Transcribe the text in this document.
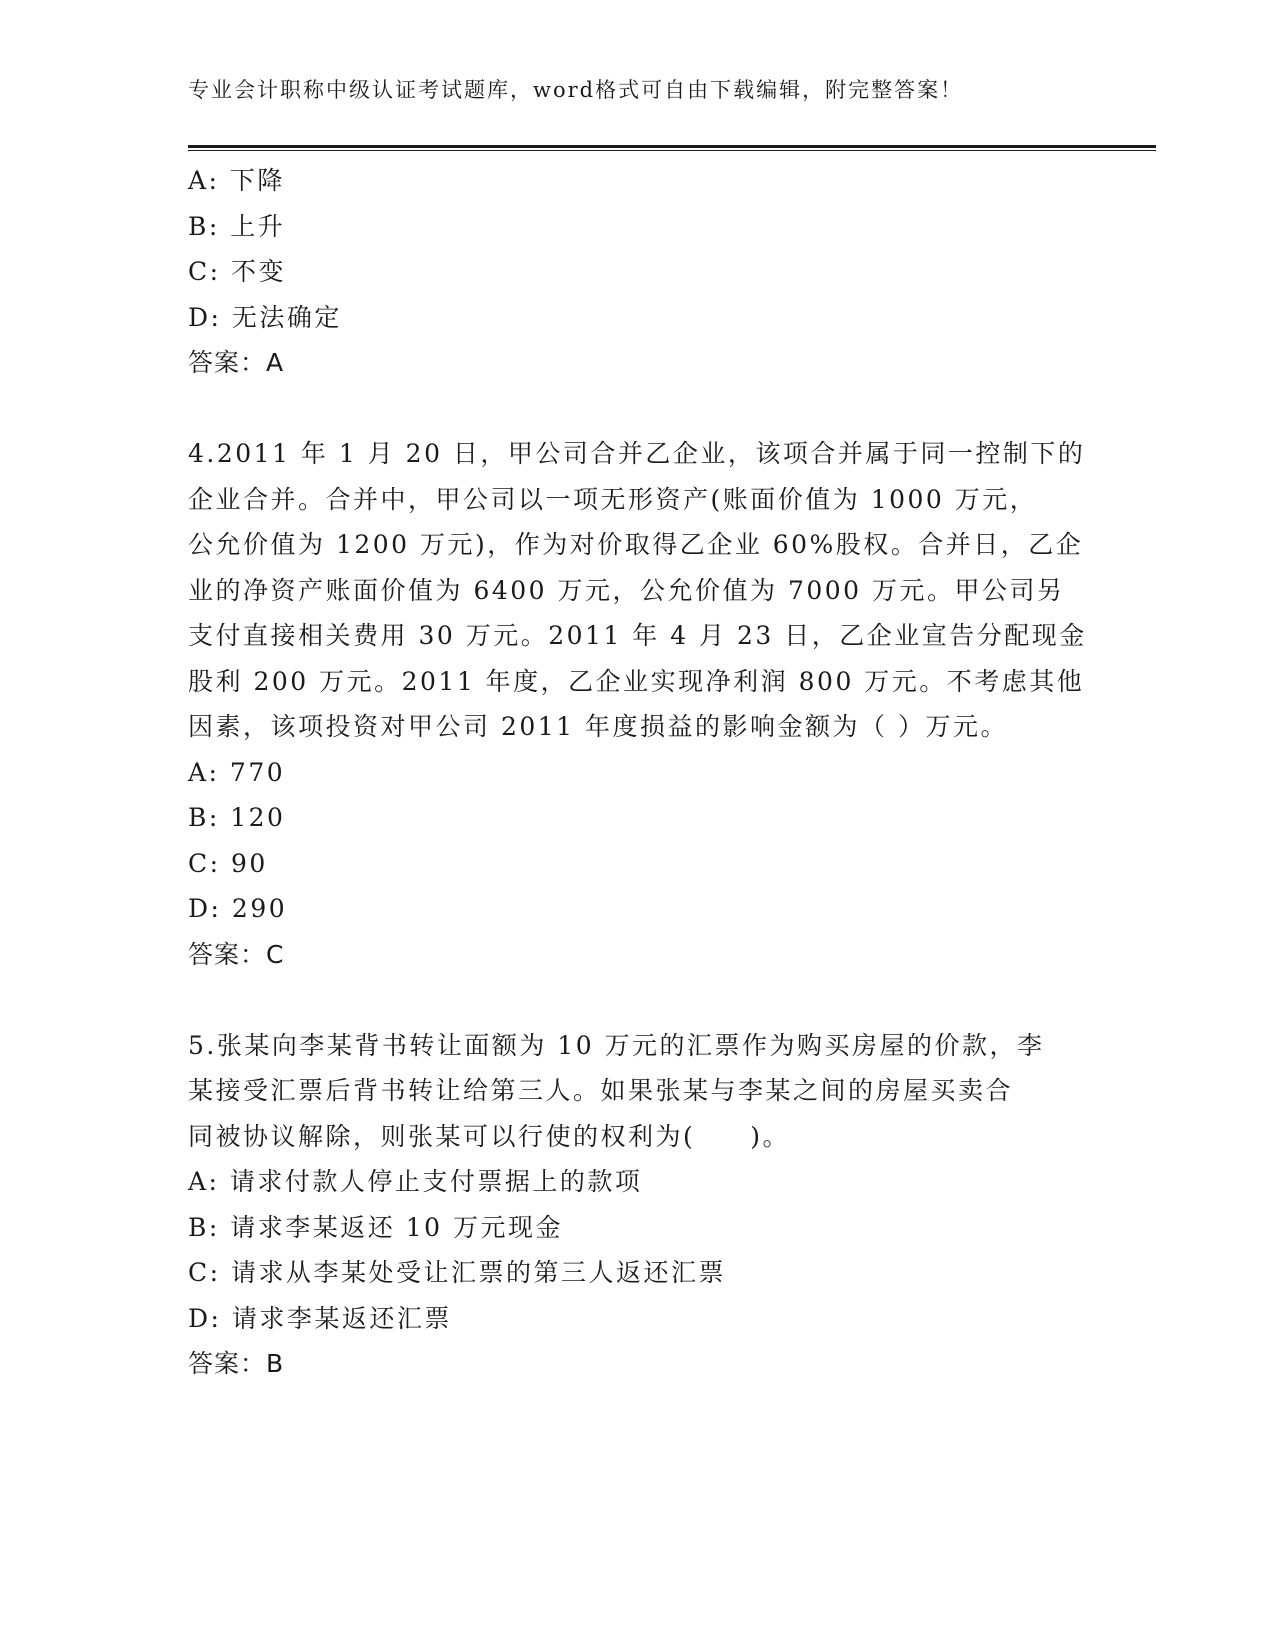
专业会计职称中级认证考试题库，word格式可自由下载编辑，附完整答案！
A: 下降
B: 上升
C: 不变
D: 无法确定
答案：A
4.2011 年 1 月 20 日，甲公司合并乙企业，该项合并属于同一控制下的
企业合并。合并中，甲公司以一项无形资产(账面价值为 1000 万元，
公允价值为 1200 万元)，作为对价取得乙企业 60%股权。合并日，乙企
业的净资产账面价值为 6400 万元，公允价值为 7000 万元。甲公司另
支付直接相关费用 30 万元。2011 年 4 月 23 日，乙企业宣告分配现金
股利 200 万元。2011 年度，乙企业实现净利润 800 万元。不考虑其他
因素，该项投资对甲公司 2011 年度损益的影响金额为（ ）万元。
A: 770
B: 120
C: 90
D: 290
答案：C
5.张某向李某背书转让面额为 10 万元的汇票作为购买房屋的价款，李
某接受汇票后背书转让给第三人。如果张某与李某之间的房屋买卖合
同被协议解除，则张某可以行使的权利为(　　)。
A: 请求付款人停止支付票据上的款项
B: 请求李某返还 10 万元现金
C: 请求从李某处受让汇票的第三人返还汇票
D: 请求李某返还汇票
答案：B
